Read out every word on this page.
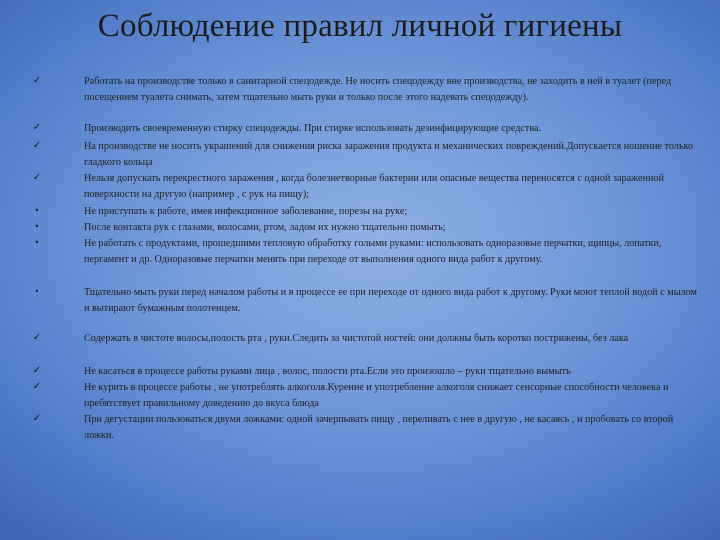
Соблюдение правил личной гигиены
✓	Работать на производстве только в санитарной спецодежде. Не носить спецодежду вне производства, не заходить в ней в туалет (перед посещением туалета снимать, затем тщательно мыть руки и только после этого надевать спецодежду).
✓	Производить своевременную стирку спецодежды. При стирке использовать дезинфицирующие средства.
✓	На производстве не носить украшений для снижения риска заражения продукта и механических повреждений.Допускается ношение только гладкого кольца
✓	Нельзя допускать перекрестного заражения , когда болезнетворные бактерии или опасные вещества переносятся с одной зараженной поверхности на другую (например , с рук на пищу);
•	Не приступать к работе, имея инфекционное заболевание, порезы на руке;
•	После контакта рук с глазами, волосами, ртом, ладом их нужно тщательно помыть;
•	Не работать с продуктами, прошедшими тепловую обработку голыми руками: использовать одноразовые перчатки, щипцы, лопатки, пергамент и др. Одноразовые перчатки менять при переходе от выполнения одного вида работ к другому.
•	Тщательно мыть руки перед началом работы и в процессе ее при переходе от одного вида работ к другому. Руки моют теплой водой с мылом и вытирают бумажным полотенцем.
✓	Содержать в чистоте волосы,полость рта , руки.Следить за чистотой ногтей: они должны быть коротко пострижены, без лака
✓	Не касаться в процессе работы руками лица , волос, полости рта.Если это произошло – руки тщательно вымыть
✓	Не курить в процессе работы , не употреблять алкоголя.Курение и употребление алкоголя снижает сенсорные способности человека и пребятствует правильному доведению до вкуса блюда
✓	При дегустации пользоваться двумя ложками: одной зачерпывать пищу , переливать с нее в другую , не касаясь , и пробовать со второй ложки.
